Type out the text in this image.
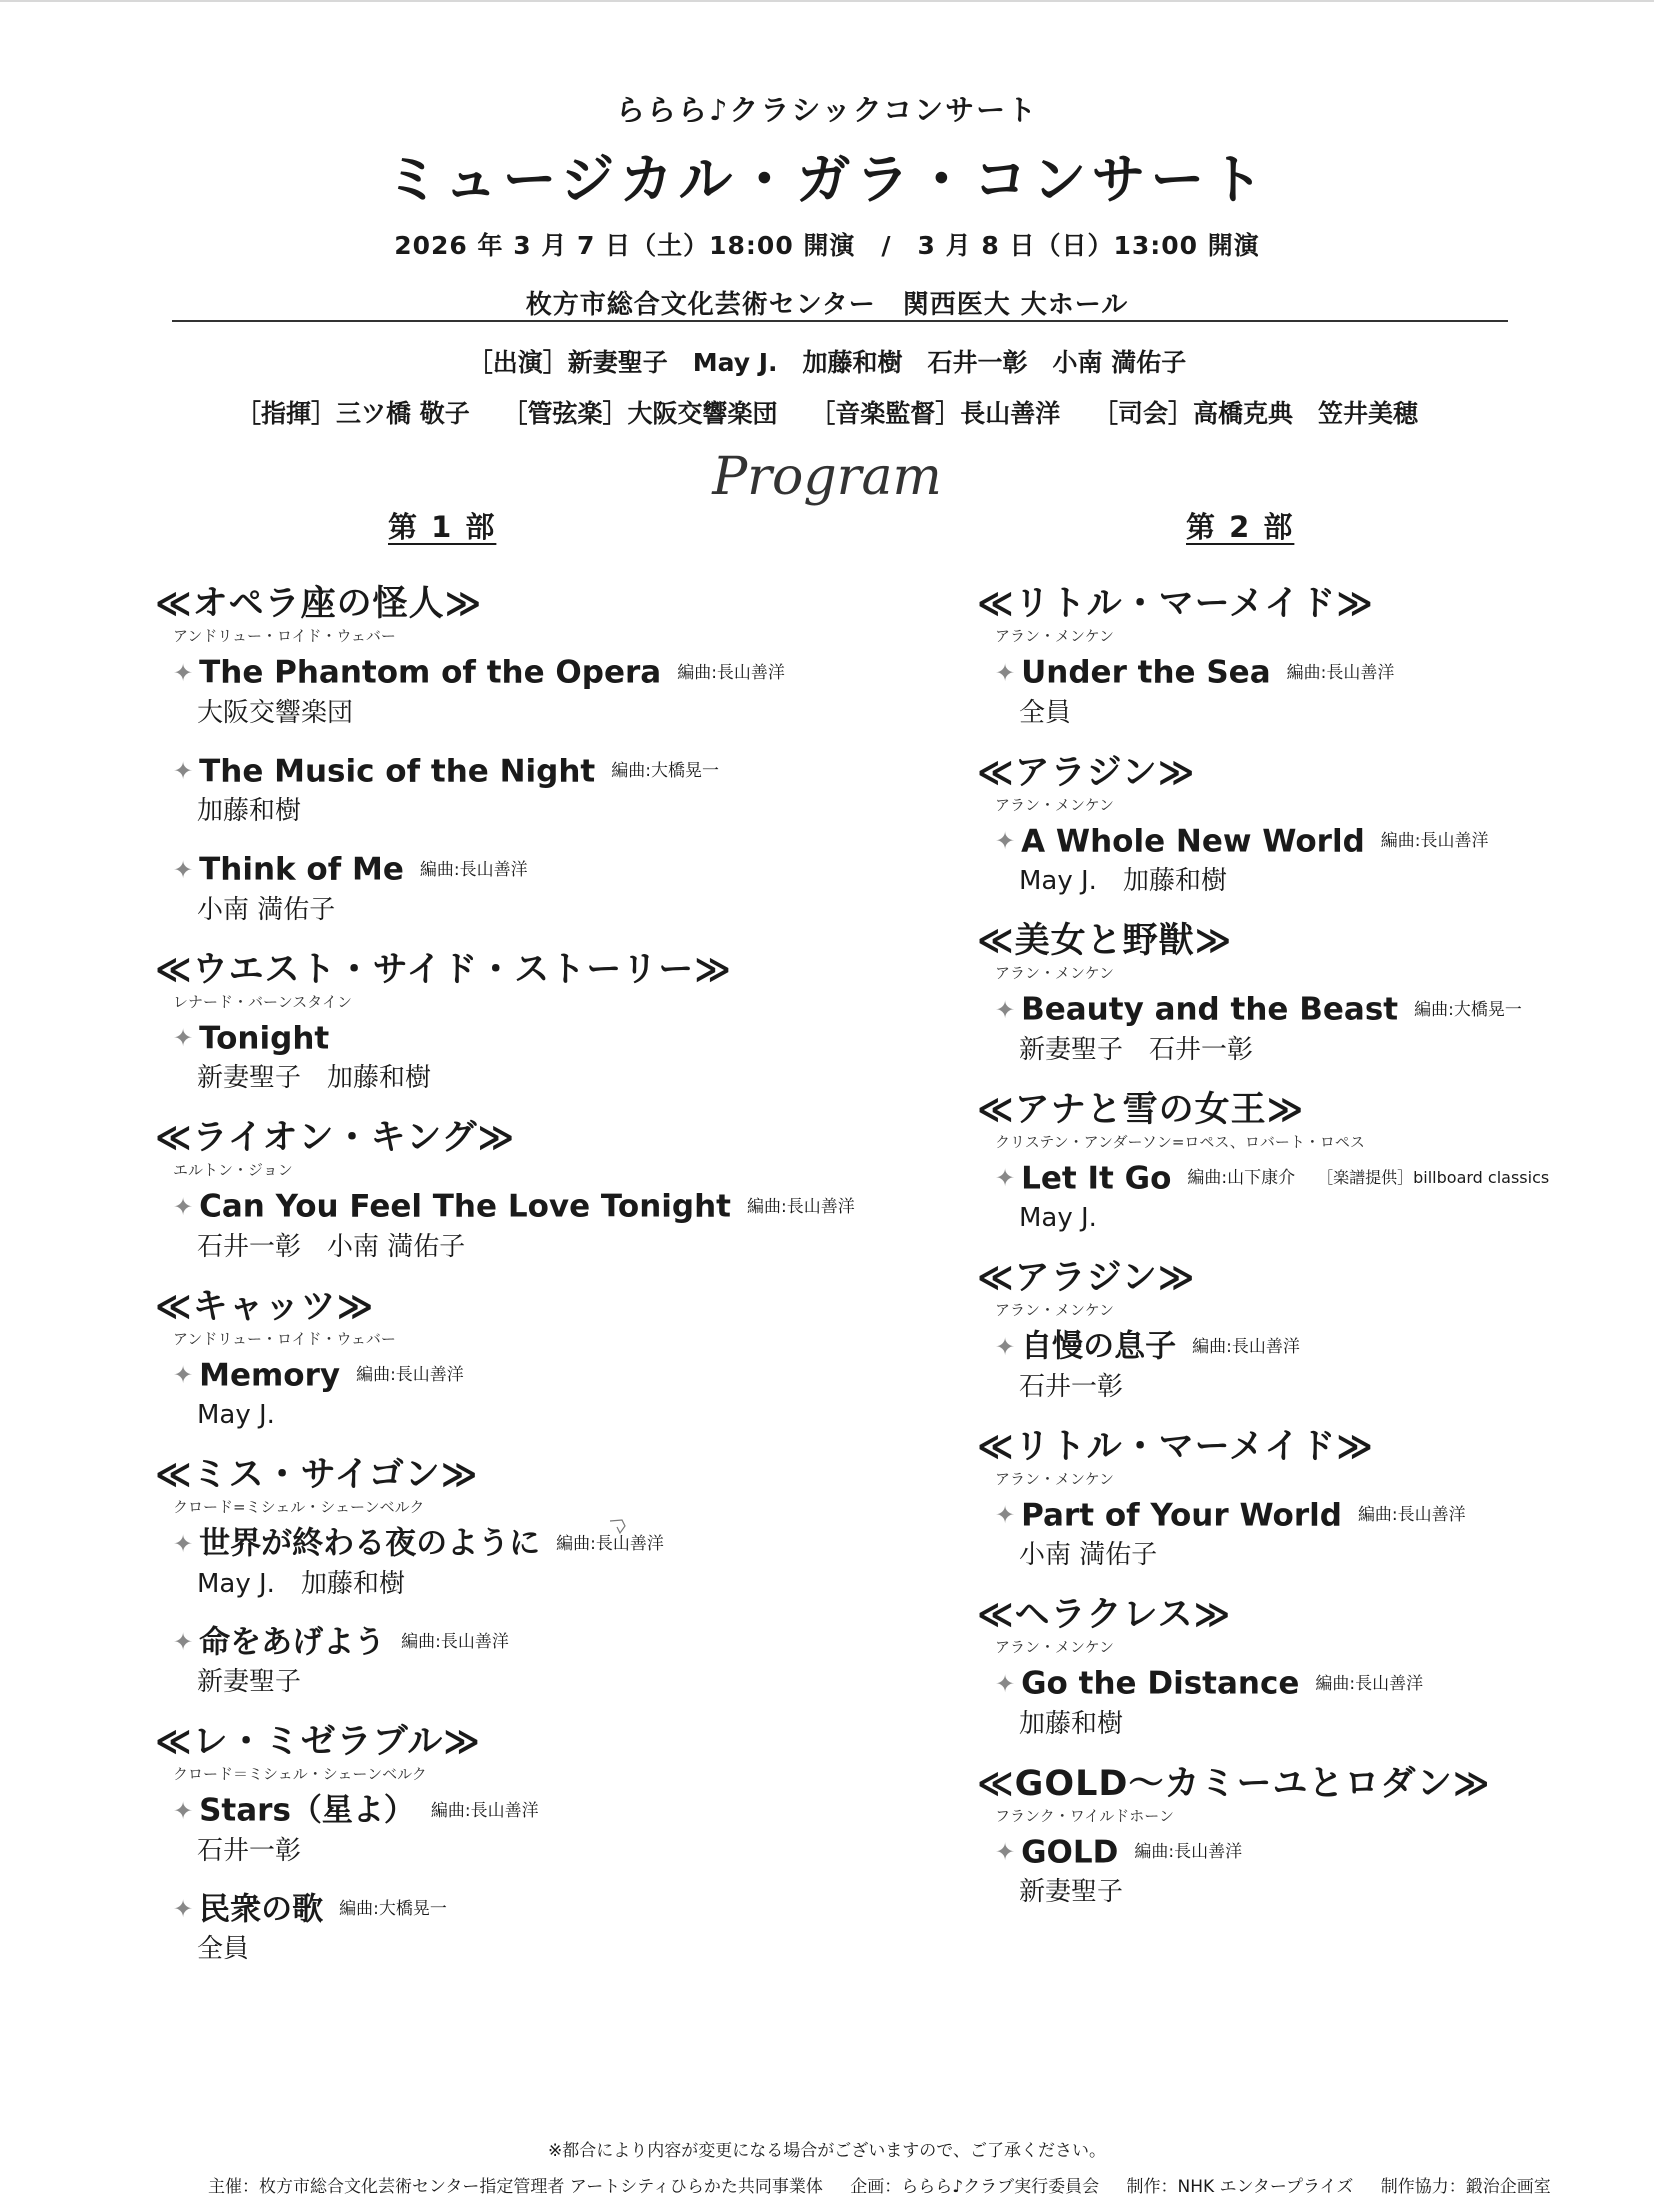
ららら♪クラシックコンサート
ミュージカル・ガラ・コンサート
2026 年 3 月 7 日（土）18:00 開演　/　3 月 8 日（日）13:00 開演
枚方市総合文化芸術センター　関西医大 大ホール
［出演］新妻聖子　May J.　加藤和樹　石井一彰　小南 満佑子
［指揮］三ツ橋 敬子 ［管弦楽］大阪交響楽団 ［音楽監督］長山善洋 ［司会］高橋克典　笠井美穂
Program
第 1 部	第 2 部
≪オペラ座の怪人≫
アンドリュー・ロイド・ウェバー
✦ The Phantom of the Opera 編曲:長山善洋
大阪交響楽団
✦ The Music of the Night 編曲:大橋晃一
加藤和樹
✦ Think of Me 編曲:長山善洋
小南 満佑子
≪ウエスト・サイド・ストーリー≫
レナード・バーンスタイン
✦ Tonight
新妻聖子　加藤和樹
≪ライオン・キング≫
エルトン・ジョン
✦ Can You Feel The Love Tonight 編曲:長山善洋
石井一彰　小南 満佑子
≪キャッツ≫
アンドリュー・ロイド・ウェバー
✦ Memory 編曲:長山善洋
May J.
≪ミス・サイゴン≫
クロード=ミシェル・シェーンベルク
✦ 世界が終わる夜のように 編曲:長山善洋
May J.　加藤和樹
✦ 命をあげよう 編曲:長山善洋
新妻聖子
≪レ・ミゼラブル≫
クロード＝ミシェル・シェーンベルク
✦ Stars（星よ） 編曲:長山善洋
石井一彰
✦ 民衆の歌 編曲:大橋晃一
全員
≪リトル・マーメイド≫
アラン・メンケン
✦ Under the Sea 編曲:長山善洋
全員
≪アラジン≫
アラン・メンケン
✦ A Whole New World 編曲:長山善洋
May J.　加藤和樹
≪美女と野獣≫
アラン・メンケン
✦ Beauty and the Beast 編曲:大橋晃一
新妻聖子　石井一彰
≪アナと雪の女王≫
クリステン・アンダーソン=ロペス、ロバート・ロペス
✦ Let It Go 編曲:山下康介 ［楽譜提供］billboard classics
May J.
≪アラジン≫
アラン・メンケン
✦ 自慢の息子 編曲:長山善洋
石井一彰
≪リトル・マーメイド≫
アラン・メンケン
✦ Part of Your World 編曲:長山善洋
小南 満佑子
≪ヘラクレス≫
アラン・メンケン
✦ Go the Distance 編曲:長山善洋
加藤和樹
≪GOLD〜カミーユとロダン≫
フランク・ワイルドホーン
✦ GOLD 編曲:長山善洋
新妻聖子
※都合により内容が変更になる場合がございますので、ご了承ください。
主催：枚方市総合文化芸術センター指定管理者 アートシティひらかた共同事業体 企画：ららら♪クラブ実行委員会 制作：NHK エンタープライズ 制作協力：鍛治企画室
